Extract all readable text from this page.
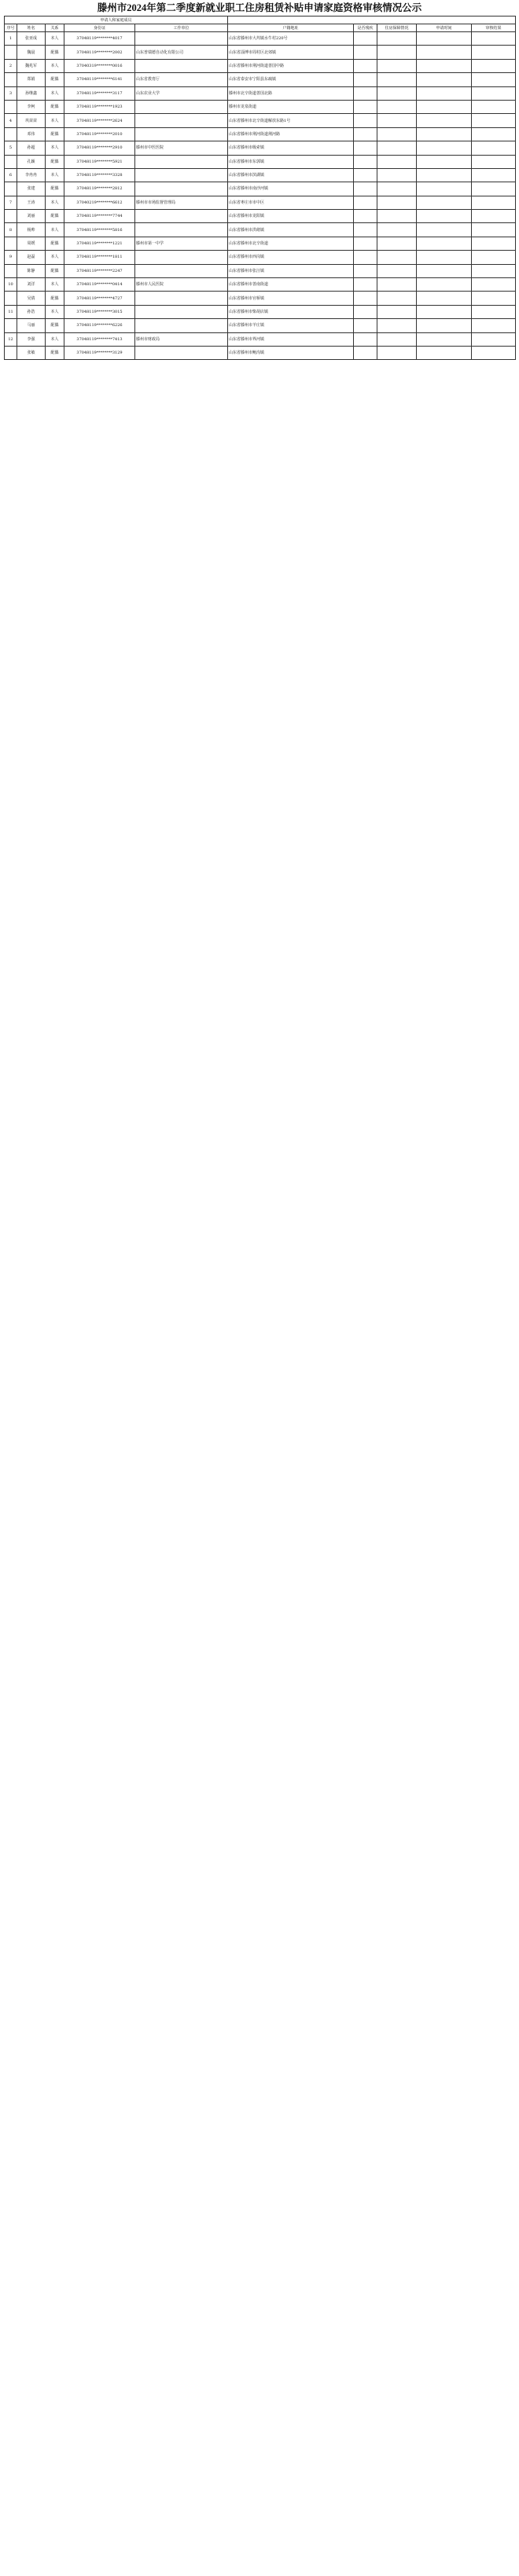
滕州市2024年第二季度新就业职工住房租赁补贴申请家庭资格审核情况公示
申请人和家庭成员									
序号	姓名	关系	身份证	工作单位	户籍地址	是否残疾	住房保障情况	申请时间	审核结果
1	张亚成	本人	37048119********4017		山东省滕州市大坞镇水牛村220号				
	魏晨	配偶	37048119********2002	山东普瑞德自动化有限公司	山东省淄博市周村区北郊镇				
2	魏兆军	本人	37040319********0016		山东省滕州市荆河街道善国中路				
	郑娟	配偶	37048119********6141	山东省教育厅	山东省泰安市宁阳县东疏镇				
3	孙继鑫	本人	37048119********3117	山东农业大学	滕州市北辛街道善国北路				
	李柯	配偶	37048119********1923		滕州市龙泉街道				
4	巩苗苗	本人	37048119********2624		山东省滕州市北辛街道解放东路1号				
	邓伟	配偶	37048119********2010		山东省滕州市荆河街道荆河路				
5	孙超	本人	37048119********2910	滕州市中医医院	山东省滕州市级索镇				
	孔颖	配偶	37048119********5921		山东省滕州市东郭镇				
6	李冉冉	本人	37048119********3328		山东省滕州市滨湖镇				
	张建	配偶	37048119********2812		山东省滕州市南沙河镇				
7	王涛	本人	37040219********6612	滕州市市场监督管理局	山东省枣庄市市中区				
	刘丽	配偶	37048119********7744		山东省滕州市龙阳镇				
8	杨帅	本人	37048119********5816		山东省滕州市洪绪镇				
	周媛	配偶	37048119********1221	滕州市第一中学	山东省滕州市北辛街道				
9	赵磊	本人	37048119********1811		山东省滕州市西岗镇				
	陈静	配偶	37048119********2247		山东省滕州市张汪镇				
10	刘洋	本人	37048119********0414	滕州市人民医院	山东省滕州市善南街道				
	吴倩	配偶	37048119********4727		山东省滕州市官桥镇				
11	孙浩	本人	37048119********3015		山东省滕州市柴胡店镇				
	马丽	配偶	37048119********6226		山东省滕州市羊庄镇				
12	李强	本人	37048119********7413	滕州市财政局	山东省滕州市界河镇				
	张敏	配偶	37048119********3129		山东省滕州市鲍沟镇				
